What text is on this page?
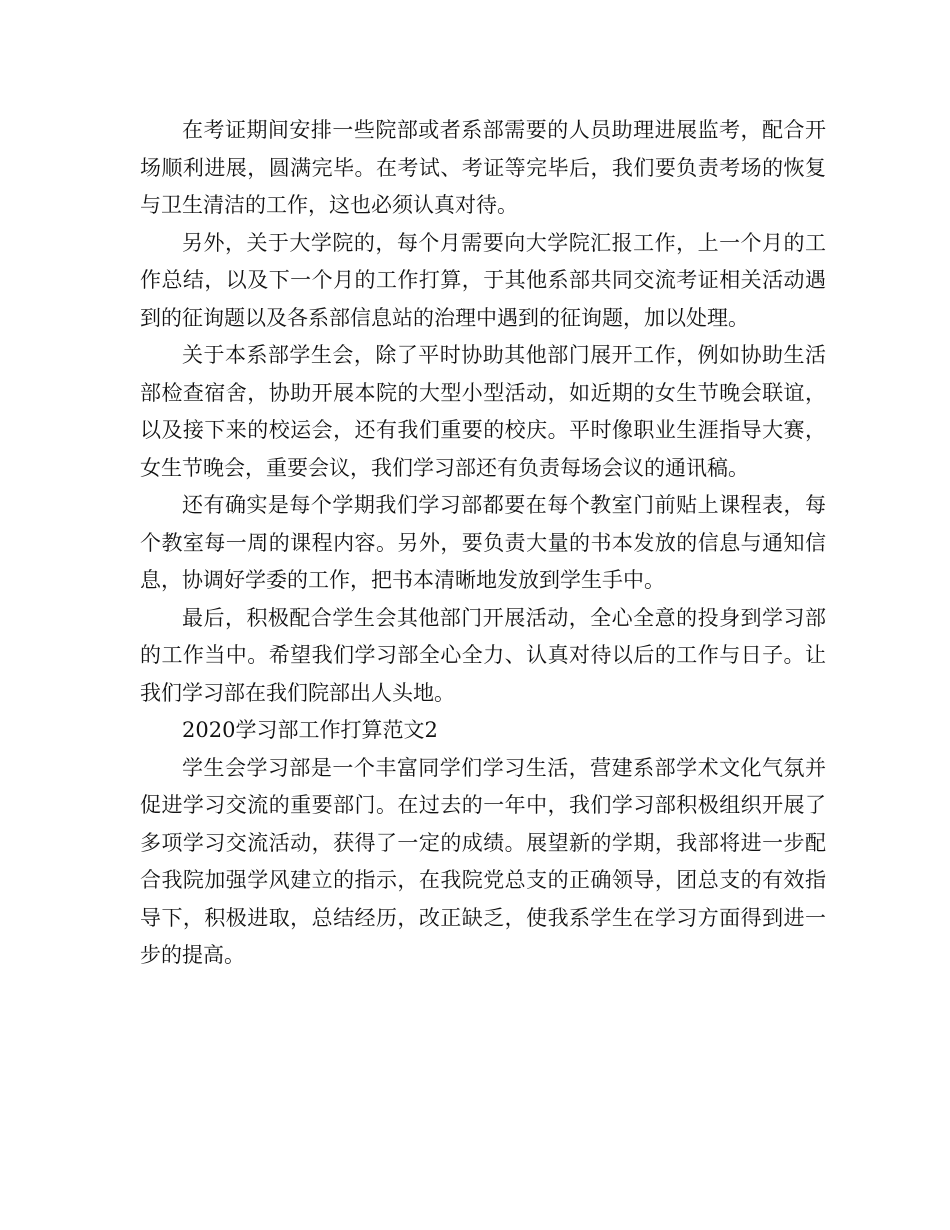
在考证期间安排一些院部或者系部需要的人员助理进展监考，配合开场顺利进展，圆满完毕。在考试、考证等完毕后，我们要负责考场的恢复与卫生清洁的工作，这也必须认真对待。

另外，关于大学院的，每个月需要向大学院汇报工作，上一个月的工作总结，以及下一个月的工作打算，于其他系部共同交流考证相关活动遇到的征询题以及各系部信息站的治理中遇到的征询题，加以处理。

关于本系部学生会，除了平时协助其他部门展开工作，例如协助生活部检查宿舍，协助开展本院的大型小型活动，如近期的女生节晚会联谊，以及接下来的校运会，还有我们重要的校庆。平时像职业生涯指导大赛，女生节晚会，重要会议，我们学习部还有负责每场会议的通讯稿。

还有确实是每个学期我们学习部都要在每个教室门前贴上课程表，每个教室每一周的课程内容。另外，要负责大量的书本发放的信息与通知信息，协调好学委的工作，把书本清晰地发放到学生手中。

最后，积极配合学生会其他部门开展活动，全心全意的投身到学习部的工作当中。希望我们学习部全心全力、认真对待以后的工作与日子。让我们学习部在我们院部出人头地。

2020学习部工作打算范文2

学生会学习部是一个丰富同学们学习生活，营建系部学术文化气氛并促进学习交流的重要部门。在过去的一年中，我们学习部积极组织开展了多项学习交流活动，获得了一定的成绩。展望新的学期，我部将进一步配合我院加强学风建立的指示，在我院党总支的正确领导，团总支的有效指导下，积极进取，总结经历，改正缺乏，使我系学生在学习方面得到进一步的提高。
